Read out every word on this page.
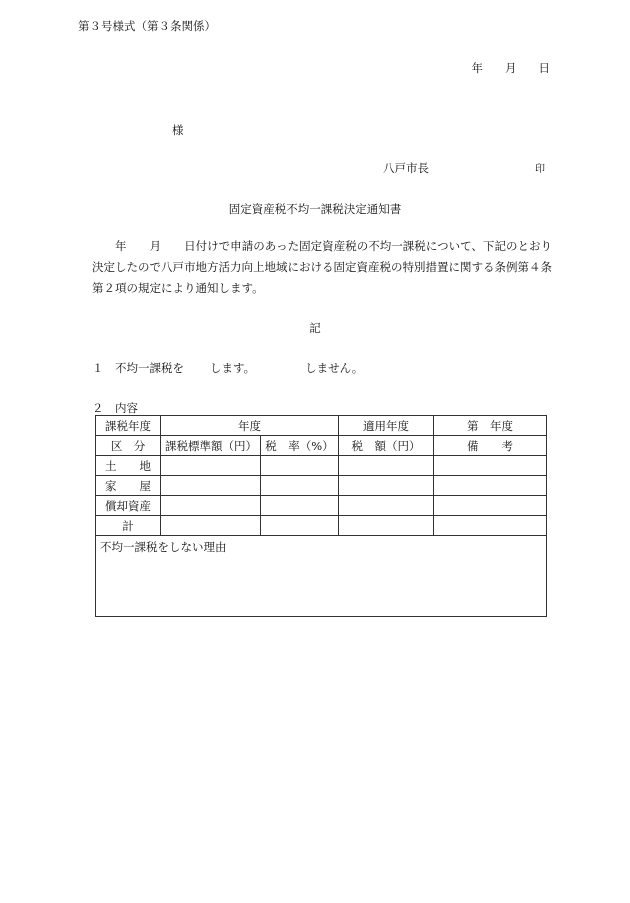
第３号様式（第３条関係）
年 月 日
様
八戸市長	印
固定資産税不均一課税決定通知書
　　年　　月　　日付けで申請のあった固定資産税の不均一課税について、下記のとおり決定したので八戸市地方活力向上地域における固定資産税の特別措置に関する条例第４条第２項の規定により通知します。
記
１　 不均一課税を します。	しません。
２　 内容
課税年度	年度		適用年度	第　年度
区　分	課税標準額（円）	税　率（%）	税　額（円）	備　　考
土　　地				
家　　屋				
償却資産				
計				
不均一課税をしない理由				
